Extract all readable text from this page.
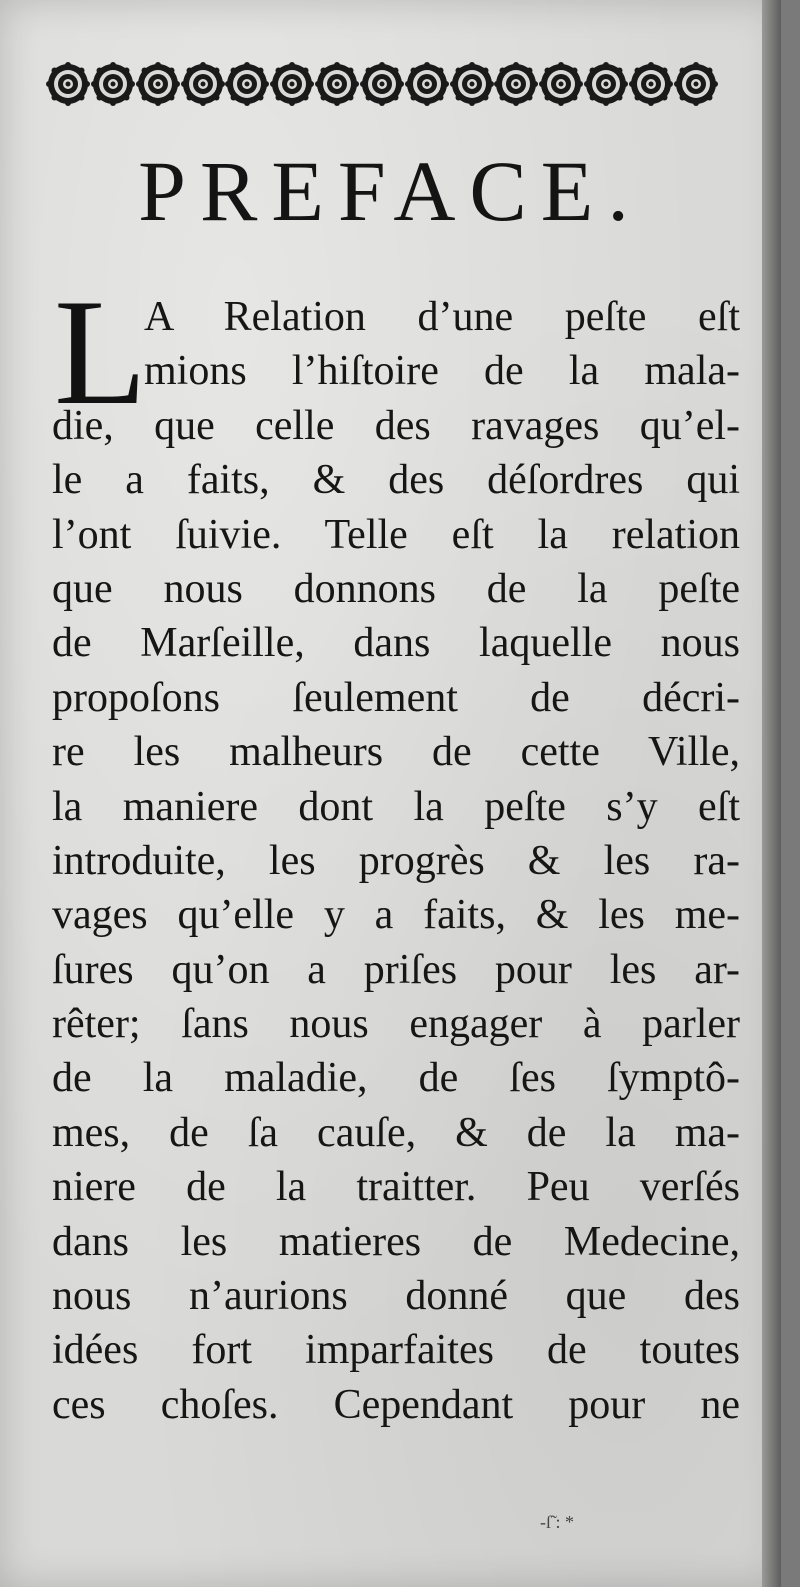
PREFACE.
L
A Relation d’une peſte eſt
mions l’hiſtoire de la mala-
die, que celle des ravages qu’el-
le a faits, & des déſordres qui
l’ont ſuivie. Telle eſt la relation
que nous donnons de la peſte
de Marſeille, dans laquelle nous
propoſons ſeulement de décri-
re les malheurs de cette Ville,
la maniere dont la peſte s’y eſt
introduite, les progrès & les ra-
vages qu’elle y a faits, & les me-
ſures qu’on a priſes pour les ar-
rêter; ſans nous engager à parler
de la maladie, de ſes ſymptô-
mes, de ſa cauſe, & de la ma-
niere de la traitter. Peu verſés
dans les matieres de Medecine,
nous n’aurions donné que des
idées fort imparfaites de toutes
ces choſes. Cependant pour ne
-ſ̃ : *
